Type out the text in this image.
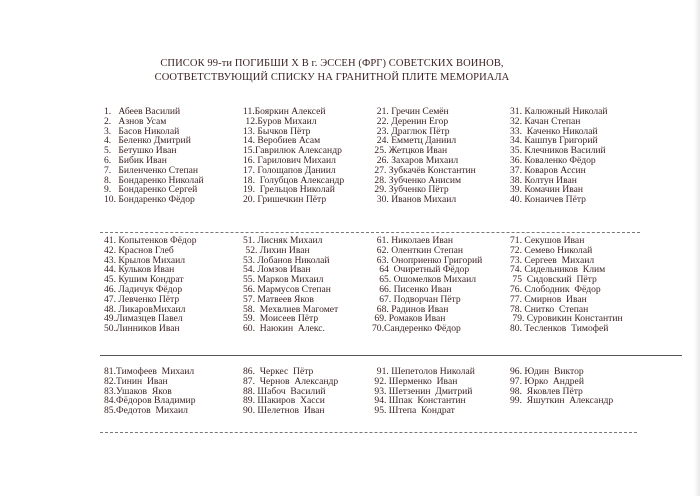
СПИСОК 99-ти ПОГИБШИ Х В г. ЭССЕН (ФРГ) СОВЕТСКИХ ВОИНОВ,
СООТВЕТСТВУЮЩИЙ СПИСКУ НА ГРАНИТНОЙ ПЛИТЕ МЕМОРИАЛА
1.   Абеев Василий
2.   Азнов Усам
3.   Басов Николай
4.   Беленко Дмитрий
5.   Бетушко Иван
6.   Бибик Иван
7.   Биленченко Степан
8.   Бондаренко Николай
9.   Бондаренко Сергей
10. Бондаренко Фёдор
11.Бояркин Алексей
12.Буров Михаил
13. Бычков Пётр
14. Веробиев Асам
15.Гаврилюк Александр
16. Гарилович Михаил
17. Голощапов Даниил
18.  Голубцов Александр
19.  Грельцов Николай
20. Гришечкин Пётр
21. Гречин Семён
22. Деренин Егор
23. Драглюк Пётр
24. Емметц Даниил
25. Жетцков Иван
26. Захаров Михаил
27. Зубкачёв Константин
28. Зубченко Анисим
29. Зубченко Пётр
30. Иванов Михаил
31. Калюжный Николай
32. Качан Степан
33.  Каченко Николай
34. Кашпув Григорий
35. Клечников Василий
36. Коваленко Фёдор
37. Коваров Ассин
38. Колтун Иван
39. Комачин Иван
40. Конаичев Пётр
41. Копытенков Фёдор
42. Краснов Глеб
43. Крылов Михаил
44. Кульков Иван
45. Кушим Кондрат
46. Ладичук Фёдор
47. Левченко Пётр
48. ЛикаровМихаил
49.Лимазцев Павел
50.Линников Иван
51. Лисняк Михаил
52. Лихин Иван
53. Лобанов Николай
54. Ломзов Иван
55. Марков Михаил
56. Мармусов Степан
57. Матвеев Яков
58.  Мехвлиев Магомет
59.  Моисеев Пётр
60.  Наюкин  Алекс.
61. Николаев Иван
62. Оленткин Степан
63. Оноприенко Григорий
64  Очиретный Фёдор
65. Ошомелков Михаил
66. Писенко Иван
67. Подворчан Пётр
68. Радинов Иван
69. Ромаков Иван
70.Сандеренко Фёдор
71. Секушов Иван
72. Семево Николай
73. Сергеев  Михаил
74. Сидельников  Клим
75  Сидовский  Пётр
76. Слободник  Фёдор
77. Смирнов  Иван
78. Снитко  Степан
79. Суровикин Константин
80. Тесленков  Тимофей
81.Тимофеев  Михаил
82.Тинин  Иван
83.Ушаков  Яков
84.Фёдоров Владимир
85.Федотов  Михаил
86.  Черкес  Пётр
87.  Чернов  Александр
88. Шабоч  Василий
89. Шакиров  Хасси
90. Шелетнов  Иван
91. Шепетолов Николай
92. Шерменко  Иван
93. Шетзенин  Дмитрий
94. Шпак  Константин
95. Штепа  Кондрат
96. Юдин  Виктор
97. Юрко  Андрей
98.  Яковлев Пётр
99.  Яшуткин  Александр
